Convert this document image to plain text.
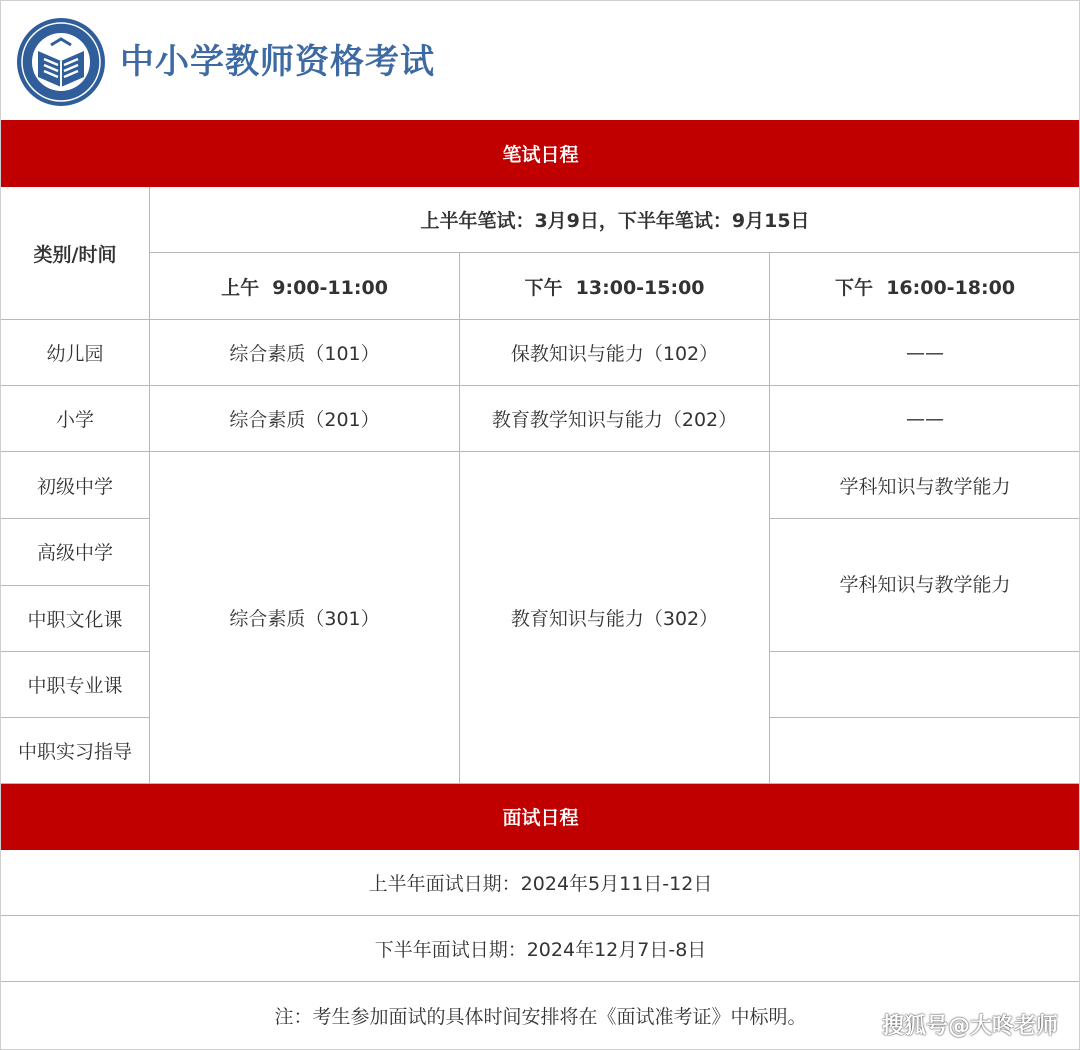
中小学教师资格考试
笔试日程			
类别/时间	上半年笔试：3月9日，下半年笔试：9月15日		
	上午  9:00-11:00	下午  13:00-15:00	下午  16:00-18:00
幼儿园	综合素质（101）	保教知识与能力（102）	——
小学	综合素质（201）	教育教学知识与能力（202）	——
初级中学	综合素质（301）	教育知识与能力（302）	学科知识与教学能力
高级中学			学科知识与教学能力
中职文化课			
中职专业课			
中职实习指导			
面试日程			
上半年面试日期：2024年5月11日-12日			
下半年面试日期：2024年12月7日-8日			
注：考生参加面试的具体时间安排将在《面试准考证》中标明。				搜狐号@大咚老师
